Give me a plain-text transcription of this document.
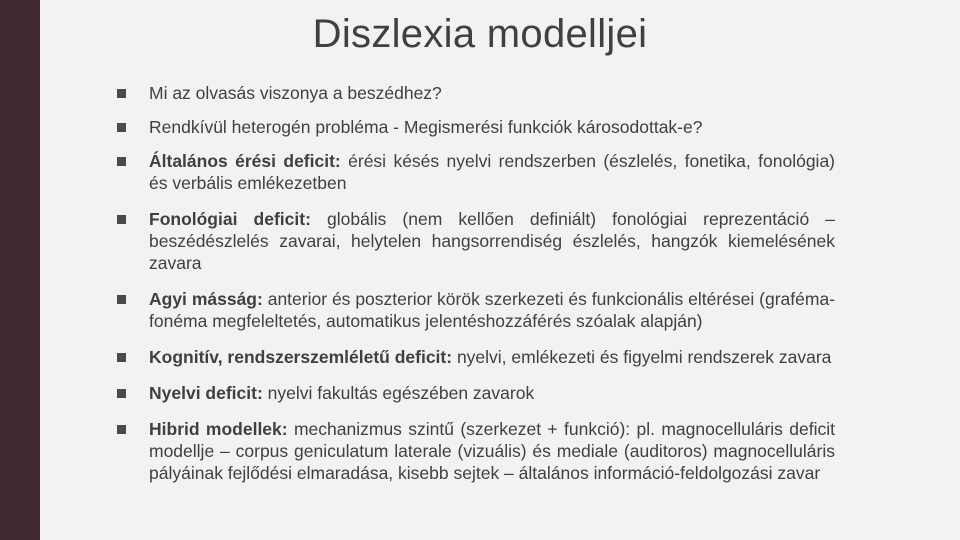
Diszlexia modelljei
Mi az olvasás viszonya a beszédhez?
Rendkívül heterogén probléma - Megismerési funkciók károsodottak-e?
Általános érési deficit: érési késés nyelvi rendszerben (észlelés, fonetika, fonológia) és verbális emlékezetben
Fonológiai deficit: globális (nem kellően definiált) fonológiai reprezentáció – beszédészlelés zavarai, helytelen hangsorrendiség észlelés, hangzók kiemelésének zavara
Agyi másság: anterior és poszterior körök szerkezeti és funkcionális eltérései (graféma-fonéma megfeleltetés, automatikus jelentéshozzáférés szóalak alapján)
Kognitív, rendszerszemléletű deficit: nyelvi, emlékezeti és figyelmi rendszerek zavara
Nyelvi deficit: nyelvi fakultás egészében zavarok
Hibrid modellek: mechanizmus szintű (szerkezet + funkció): pl. magnocelluláris deficit modellje – corpus geniculatum laterale (vizuális) és mediale (auditoros) magnocelluláris pályáinak fejlődési elmaradása, kisebb sejtek – általános információ-feldolgozási zavar
